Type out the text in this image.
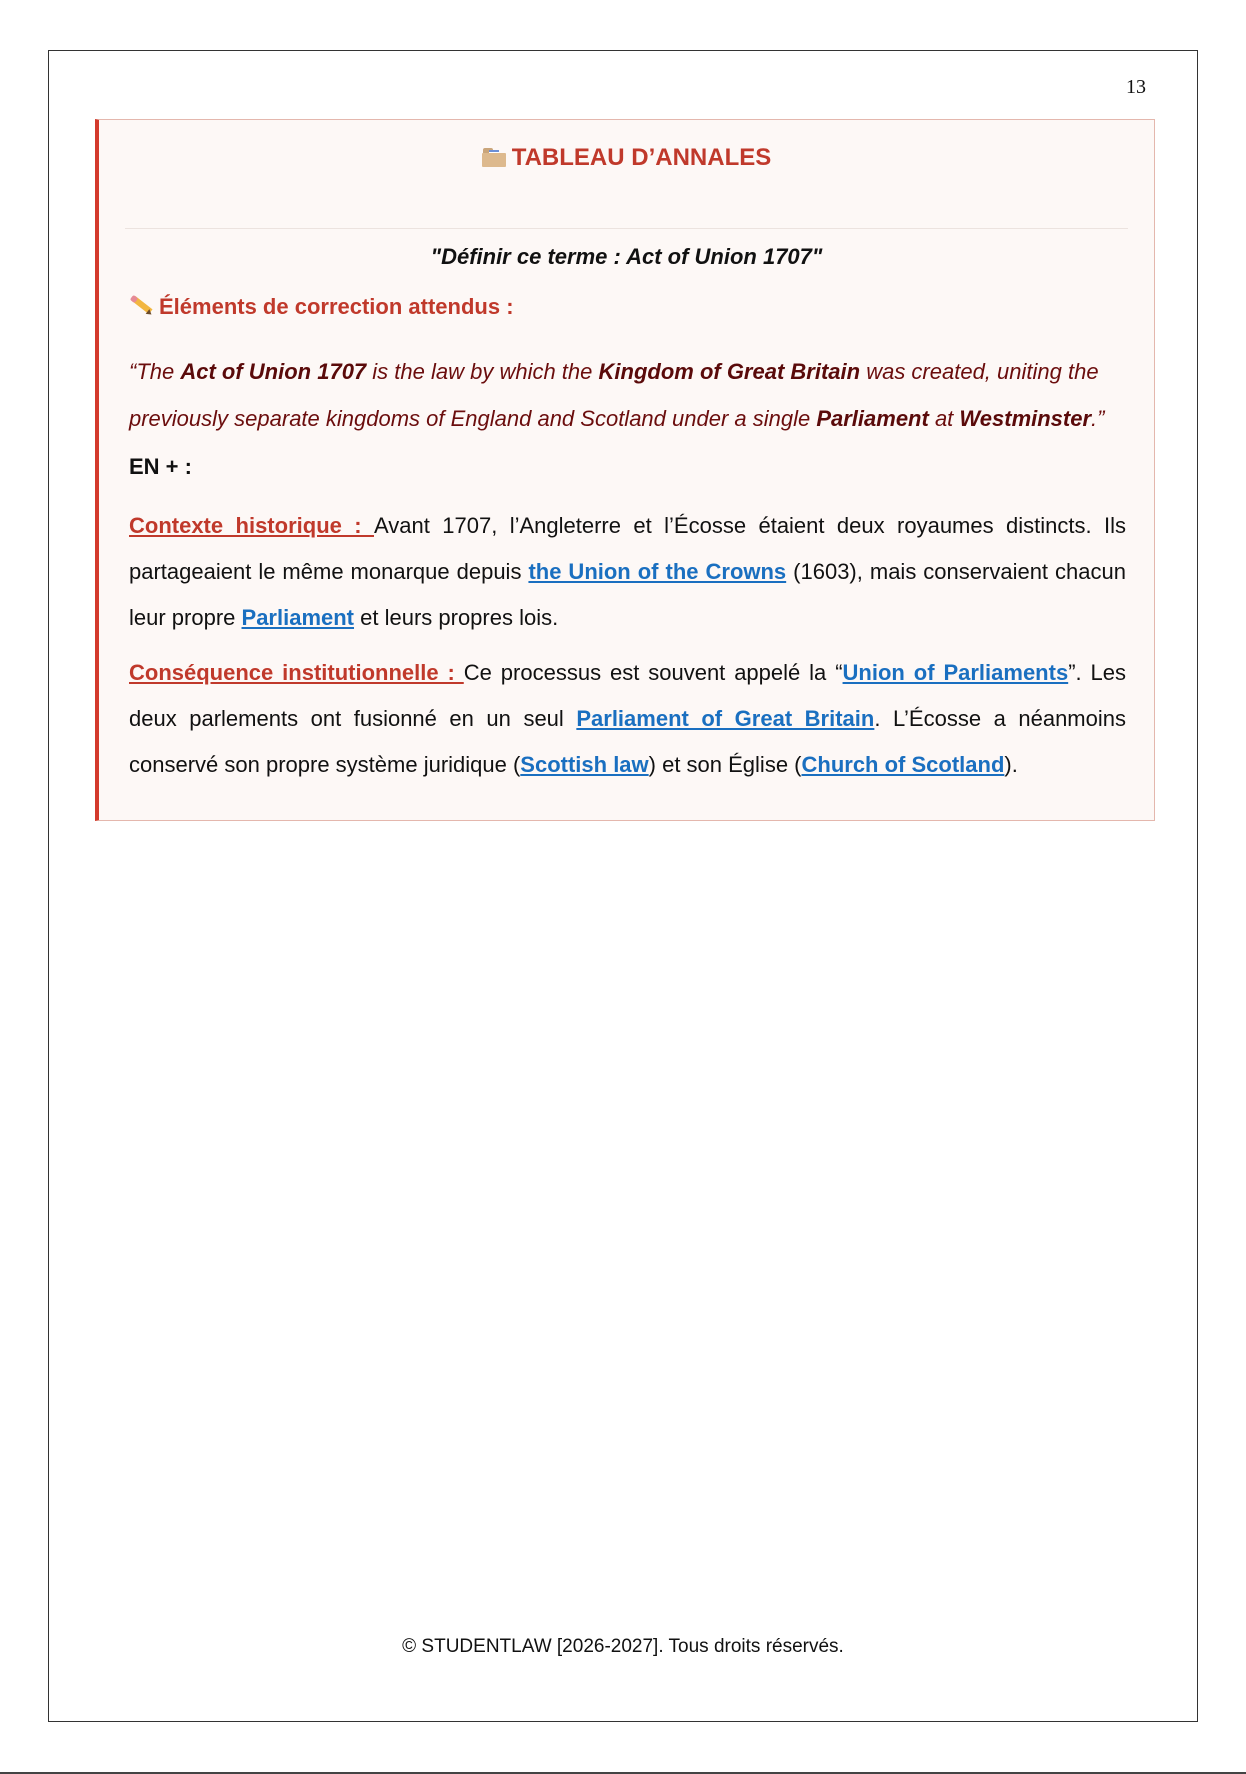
13
TABLEAU D’ANNALES
"Définir ce terme : Act of Union 1707"
Éléments de correction attendus :
“The Act of Union 1707 is the law by which the Kingdom of Great Britain was created, uniting the previously separate kingdoms of England and Scotland under a single Parliament at Westminster.”
EN + :
Contexte historique : Avant 1707, l’Angleterre et l’Écosse étaient deux royaumes distincts. Ils partageaient le même monarque depuis the Union of the Crowns (1603), mais conservaient chacun leur propre Parliament et leurs propres lois.
Conséquence institutionnelle : Ce processus est souvent appelé la “Union of Parliaments”. Les deux parlements ont fusionné en un seul Parliament of Great Britain. L’Écosse a néanmoins conservé son propre système juridique (Scottish law) et son Église (Church of Scotland).
© STUDENTLAW [2026-2027]. Tous droits réservés.
